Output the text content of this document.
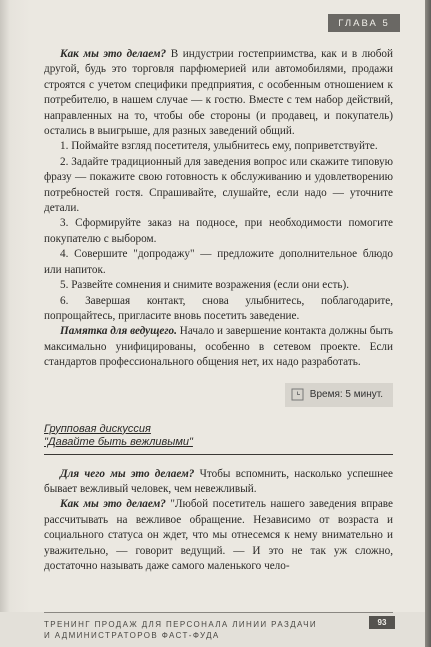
ГЛАВА 5

Как мы это делаем? В индустрии гостеприимства, как и в любой другой, будь это торговля парфюмерией или автомобилями, продажи строятся с учетом специфики предприятия, с особенным отношением к потребителю, в нашем случае — к гостю. Вместе с тем набор действий, направленных на то, чтобы обе стороны (и продавец, и покупатель) остались в выигрыше, для разных заведений общий.

1. Поймайте взгляд посетителя, улыбнитесь ему, поприветствуйте.

2. Задайте традиционный для заведения вопрос или скажите типовую фразу — покажите свою готовность к обслуживанию и удовлетворению потребностей гостя. Спрашивайте, слушайте, если надо — уточните детали.

3. Сформируйте заказ на подносе, при необходимости помогите покупателю с выбором.

4. Совершите "допродажу" — предложите дополнительное блюдо или напиток.

5. Развейте сомнения и снимите возражения (если они есть).

6. Завершая контакт, снова улыбнитесь, поблагодарите, попрощайтесь, пригласите вновь посетить заведение.

Памятка для ведущего. Начало и завершение контакта должны быть максимально унифицированы, особенно в сетевом проекте. Если стандартов профессионального общения нет, их надо разработать.

Время: 5 минут.
Групповая дискуссия
"Давайте быть вежливыми"

Для чего мы это делаем? Чтобы вспомнить, насколько успешнее бывает вежливый человек, чем невежливый.

Как мы это делаем? "Любой посетитель нашего заведения вправе рассчитывать на вежливое обращение. Независимо от возраста и социального статуса он ждет, что мы отнесемся к нему внимательно и уважительно, — говорит ведущий. — И это не так уж сложно, достаточно называть даже самого маленького чело-

ТРЕНИНГ ПРОДАЖ ДЛЯ ПЕРСОНАЛА ЛИНИИ РАЗДАЧИ
И АДМИНИСТРАТОРОВ ФАСТ-ФУДА
93
